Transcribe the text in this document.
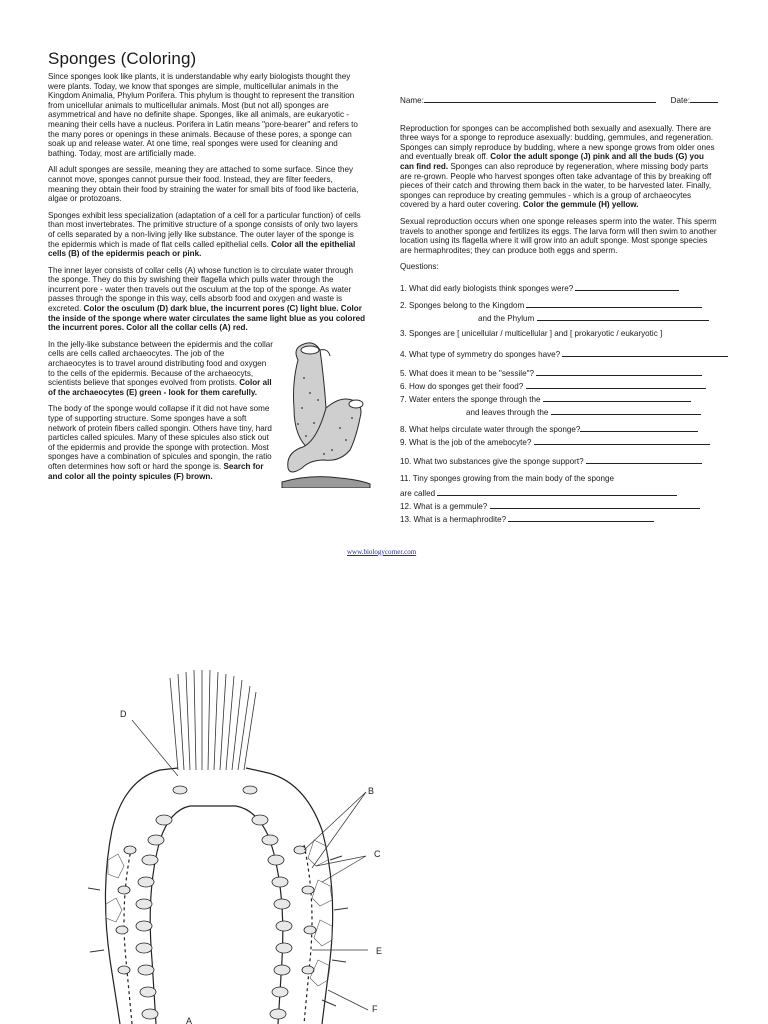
Sponges (Coloring)

Since sponges look like plants, it is understandable why early biologists thought they were plants. Today, we know that sponges are simple, multicellular animals in the Kingdom Animalia, Phylum Porifera. This phylum is thought to represent the transition from unicellular animals to multicellular animals. Most (but not all) sponges are asymmetrical and have no definite shape. Sponges, like all animals, are eukaryotic - meaning their cells have a nucleus. Porifera in Latin means "pore-bearer" and refers to the many pores or openings in these animals. Because of these pores, a sponge can soak up and release water. At one time, real sponges were used for cleaning and bathing. Today, most are artificially made.

All adult sponges are sessile, meaning they are attached to some surface. Since they cannot move, sponges cannot pursue their food. Instead, they are filter feeders, meaning they obtain their food by straining the water for small bits of food like bacteria, algae or protozoans.

Sponges exhibit less specialization (adaptation of a cell for a particular function) of cells than most invertebrates. The primitive structure of a sponge consists of only two layers of cells separated by a non-living jelly like substance. The outer layer of the sponge is the epidermis which is made of flat cells called epithelial cells. Color all the epithelial cells (B) of the epidermis peach or pink.

The inner layer consists of collar cells (A) whose function is to circulate water through the sponge. They do this by swishing their flagella which pulls water through the incurrent pore - water then travels out the osculum at the top of the sponge. As water passes through the sponge in this way, cells absorb food and oxygen and waste is excreted. Color the osculum (D) dark blue, the incurrent pores (C) light blue. Color the inside of the sponge where water circulates the same light blue as you colored the incurrent pores. Color all the collar cells (A) red.

In the jelly-like substance between the epidermis and the collar cells are cells called archaeocytes. The job of the archaeocytes is to travel around distributing food and oxygen to the cells of the epidermis. Because of the archaeocyts, scientists believe that sponges evolved from protists. Color all of the archaeocytes (E) green - look for them carefully.

The body of the sponge would collapse if it did not have some type of supporting structure. Some sponges have a soft network of protein fibers called spongin. Others have tiny, hard particles called spicules. Many of these spicules also stick out of the epidermis and provide the sponge with protection. Most sponges have a combination of spicules and spongin, the ratio often determines how soft or hard the sponge is. Search for and color all the pointy spicules (F) brown.

Name:	Date:

Reproduction for sponges can be accomplished both sexually and asexually. There are three ways for a sponge to reproduce asexually: budding, gemmules, and regeneration. Sponges can simply reproduce by budding, where a new sponge grows from older ones and eventually break off. Color the adult sponge (J) pink and all the buds (G) you can find red. Sponges can also reproduce by regeneration, where missing body parts are re-grown. People who harvest sponges often take advantage of this by breaking off pieces of their catch and throwing them back in the water, to be harvested later. Finally, sponges can reproduce by creating gemmules - which is a group of archaeocytes covered by a hard outer covering. Color the gemmule (H) yellow.

Sexual reproduction occurs when one sponge releases sperm into the water. This sperm travels to another sponge and fertilizes its eggs. The larva form will then swim to another location using its flagella where it will grow into an adult sponge. Most sponge species are hermaphrodites; they can produce both eggs and sperm.

Questions:

1. What did early biologists think sponges were?
2. Sponges belong to the Kingdom
and the Phylum
3. Sponges are [ unicellular / multicellular ] and [ prokaryotic / eukaryotic ]
4. What type of symmetry do sponges have?
5. What does it mean to be "sessile"?
6. How do sponges get their food?
7. Water enters the sponge through the
and leaves through the
8. What helps circulate water through the sponge?
9. What is the job of the amebocyte?
10. What two substances give the sponge support?
11. Tiny sponges growing from the main body of the sponge
are called
12. What is a gemmule?
13. What is a hermaphrodite?
www.biologycorner.com
D
B
C
E
F
A
